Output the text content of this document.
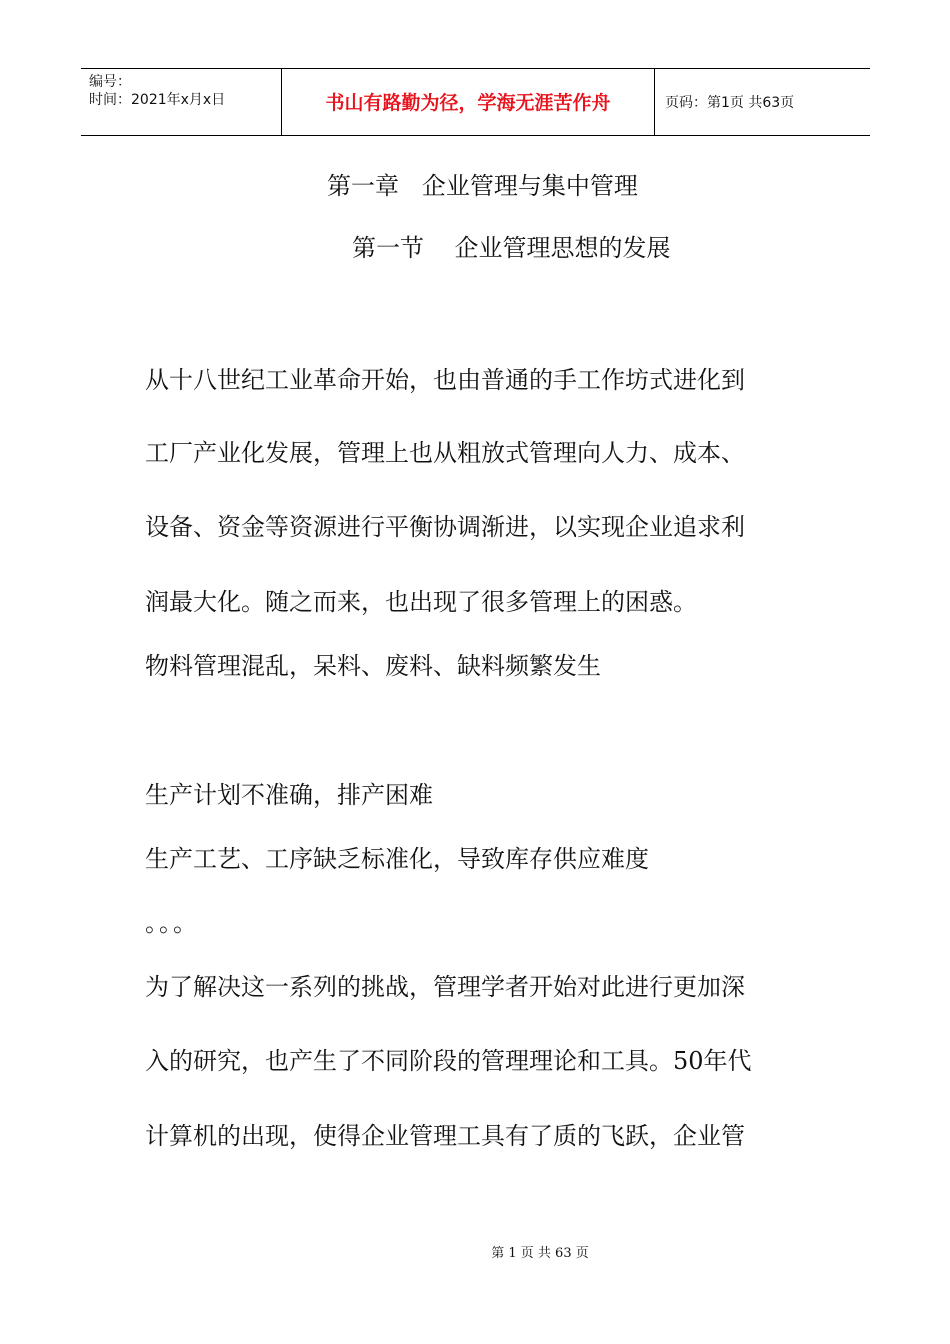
编号：
时间：2021年x月x日	书山有路勤为径，学海无涯苦作舟	页码：第1页 共63页
第一章   企业管理与集中管理
第一节    企业管理思想的发展
从十八世纪工业革命开始，也由普通的手工作坊式进化到
工厂产业化发展，管理上也从粗放式管理向人力、成本、
设备、资金等资源进行平衡协调渐进，以实现企业追求利
润最大化。随之而来，也出现了很多管理上的困惑。
物料管理混乱，呆料、废料、缺料频繁发生
生产计划不准确，排产困难
生产工艺、工序缺乏标准化，导致库存供应难度
。。。
为了解决这一系列的挑战，管理学者开始对此进行更加深
入的研究，也产生了不同阶段的管理理论和工具。50年代
计算机的出现，使得企业管理工具有了质的飞跃，企业管
第 1 页 共 63 页
